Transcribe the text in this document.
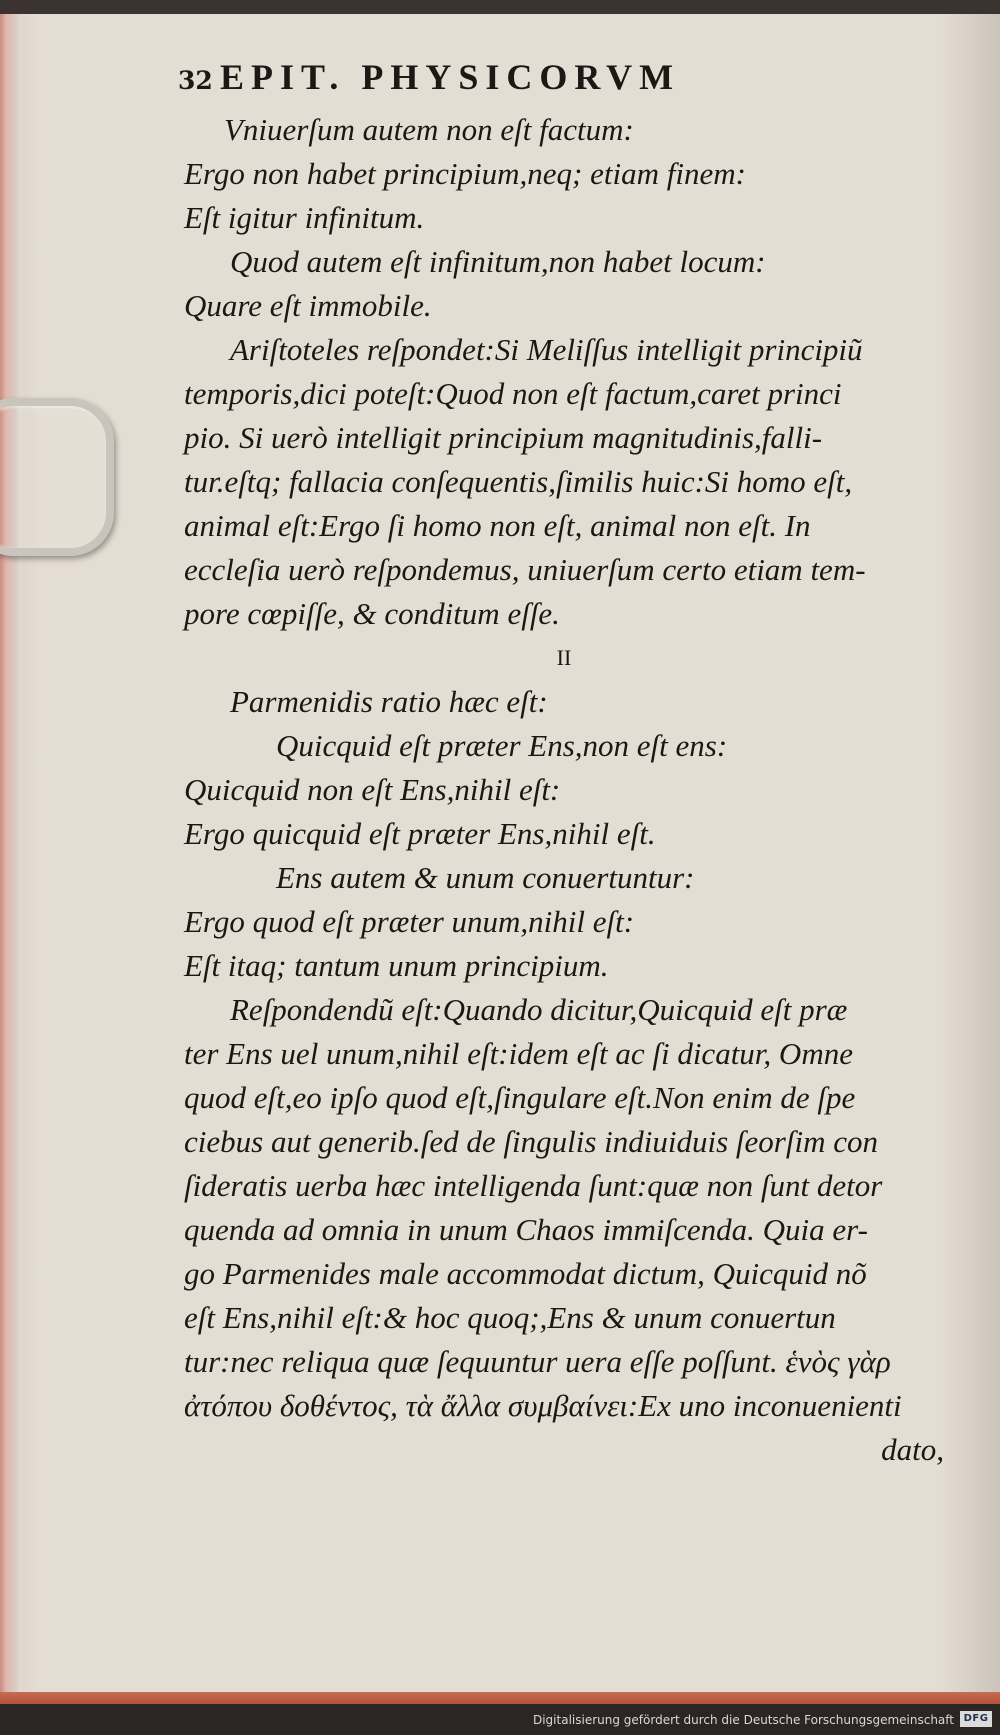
32 EPIT. PHYSICORVM
Vniuerſum autem non eſt factum:
Ergo non habet principium,neq; etiam finem:
Eſt igitur infinitum.
Quod autem eſt infinitum,non habet locum:
Quare eſt immobile.
Ariſtoteles reſpondet:Si Meliſſus intelligit principiũ
temporis,dici poteſt:Quod non eſt factum,caret princi
pio. Si uerò intelligit principium magnitudinis,falli-
tur.eſtq; fallacia conſequentis,ſimilis huic:Si homo eſt,
animal eſt:Ergo ſi homo non eſt, animal non eſt. In
eccleſia uerò reſpondemus, uniuerſum certo etiam tem-
pore cœpiſſe, & conditum eſſe.
II
Parmenidis ratio hæc eſt:
Quicquid eſt præter Ens,non eſt ens:
Quicquid non eſt Ens,nihil eſt:
Ergo quicquid eſt præter Ens,nihil eſt.
Ens autem & unum conuertuntur:
Ergo quod eſt præter unum,nihil eſt:
Eſt itaq; tantum unum principium.
Reſpondendũ eſt:Quando dicitur,Quicquid eſt præ
ter Ens uel unum,nihil eſt:idem eſt ac ſi dicatur, Omne
quod eſt,eo ipſo quod eſt,ſingulare eſt.Non enim de ſpe
ciebus aut generib.ſed de ſingulis indiuiduis ſeorſim con
ſideratis uerba hæc intelligenda ſunt:quæ non ſunt detor
quenda ad omnia in unum Chaos immiſcenda. Quia er-
go Parmenides male accommodat dictum, Quicquid nõ
eſt Ens,nihil eſt:& hoc quoq;,Ens & unum conuertun
tur:nec reliqua quæ ſequuntur uera eſſe poſſunt. ἑνὸς γὰρ
ἀτόπου δοθέντος, τὰ ἄλλα συμβαίνει:Ex uno inconuenienti
dato,
Digitalisierung gefördert durch die Deutsche Forschungsgemeinschaft DFG
